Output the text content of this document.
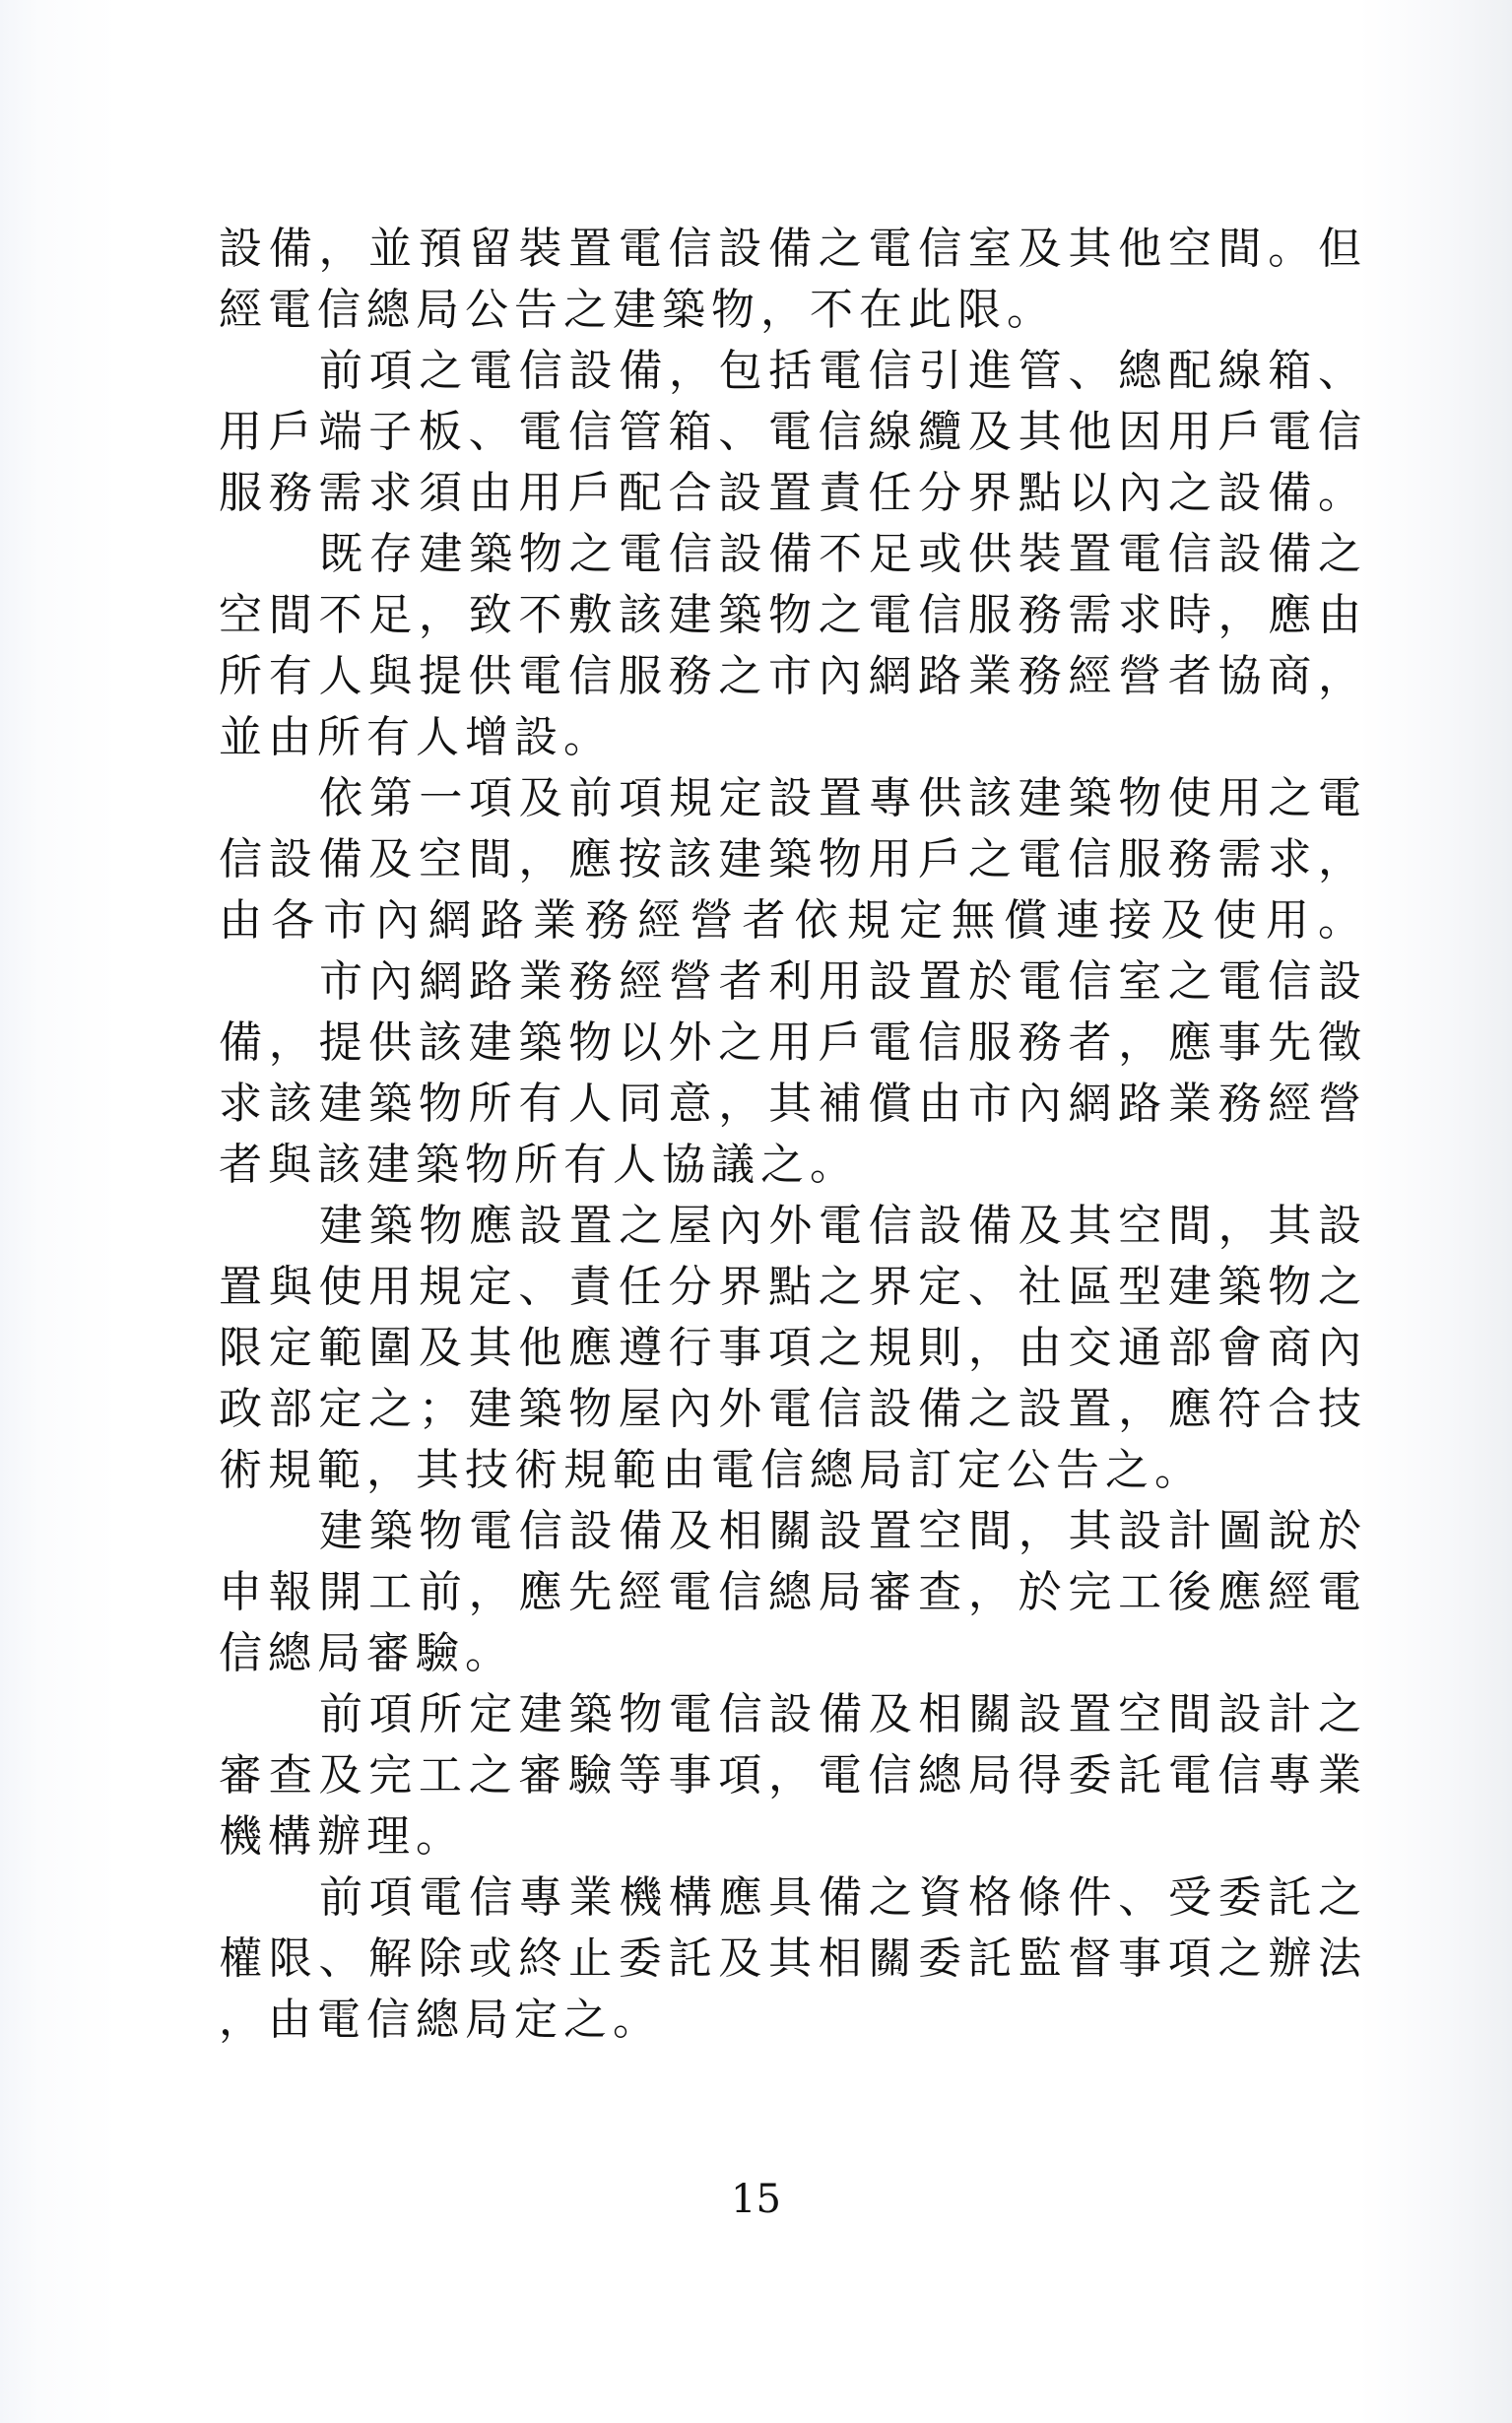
設備，並預留裝置電信設備之電信室及其他空間。但
經電信總局公告之建築物，不在此限。
前項之電信設備，包括電信引進管、總配線箱、
用戶端子板、電信管箱、電信線纜及其他因用戶電信
服務需求須由用戶配合設置責任分界點以內之設備。
既存建築物之電信設備不足或供裝置電信設備之
空間不足，致不敷該建築物之電信服務需求時，應由
所有人與提供電信服務之市內網路業務經營者協商，
並由所有人增設。
依第一項及前項規定設置專供該建築物使用之電
信設備及空間，應按該建築物用戶之電信服務需求，
由各市內網路業務經營者依規定無償連接及使用。
市內網路業務經營者利用設置於電信室之電信設
備，提供該建築物以外之用戶電信服務者，應事先徵
求該建築物所有人同意，其補償由市內網路業務經營
者與該建築物所有人協議之。
建築物應設置之屋內外電信設備及其空間，其設
置與使用規定、責任分界點之界定、社區型建築物之
限定範圍及其他應遵行事項之規則，由交通部會商內
政部定之；建築物屋內外電信設備之設置，應符合技
術規範，其技術規範由電信總局訂定公告之。
建築物電信設備及相關設置空間，其設計圖說於
申報開工前，應先經電信總局審查，於完工後應經電
信總局審驗。
前項所定建築物電信設備及相關設置空間設計之
審查及完工之審驗等事項，電信總局得委託電信專業
機構辦理。
前項電信專業機構應具備之資格條件、受委託之
權限、解除或終止委託及其相關委託監督事項之辦法
，由電信總局定之。
15
